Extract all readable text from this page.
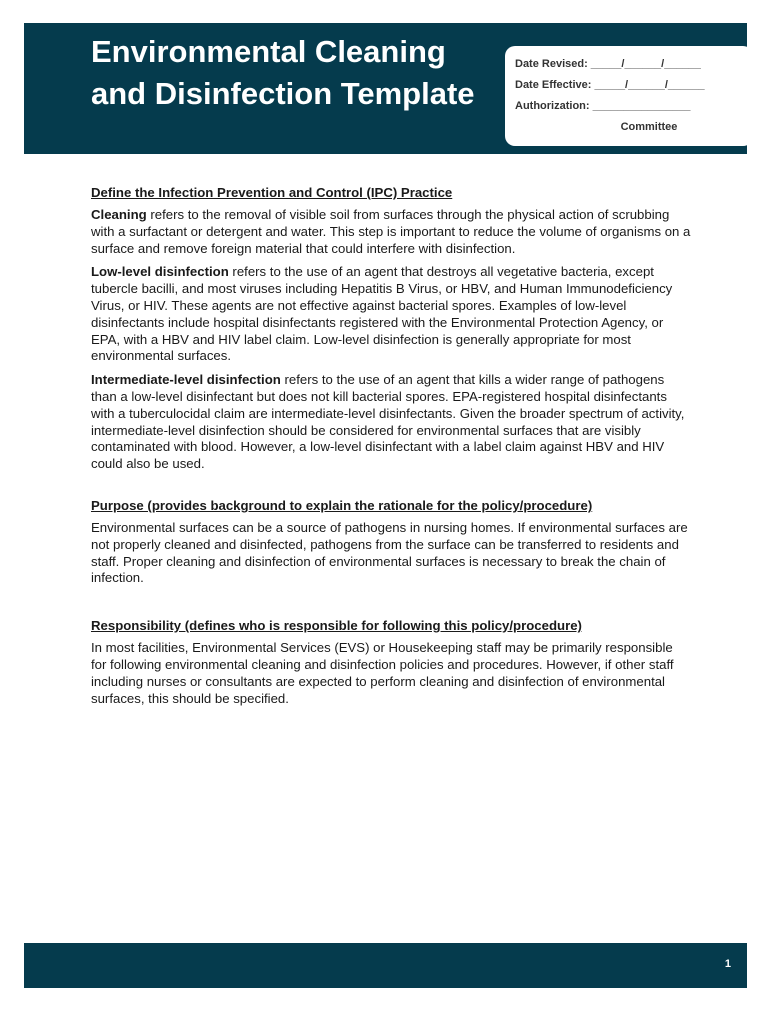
Environmental Cleaning and Disinfection Template
Date Revised: _____/______/______
Date Effective: _____/______/______
Authorization: ________________
Committee

Define the Infection Prevention and Control (IPC) Practice

Cleaning refers to the removal of visible soil from surfaces through the physical action of scrubbing with a surfactant or detergent and water. This step is important to reduce the volume of organisms on a surface and remove foreign material that could interfere with disinfection.

Low-level disinfection refers to the use of an agent that destroys all vegetative bacteria, except tubercle bacilli, and most viruses including Hepatitis B Virus, or HBV, and Human Immunodeficiency Virus, or HIV. These agents are not effective against bacterial spores. Examples of low-level disinfectants include hospital disinfectants registered with the Environmental Protection Agency, or EPA, with a HBV and HIV label claim. Low-level disinfection is generally appropriate for most environmental surfaces.

Intermediate-level disinfection refers to the use of an agent that kills a wider range of pathogens than a low-level disinfectant but does not kill bacterial spores. EPA-registered hospital disinfectants with a tuberculocidal claim are intermediate-level disinfectants. Given the broader spectrum of activity, intermediate-level disinfection should be considered for environmental surfaces that are visibly contaminated with blood. However, a low-level disinfectant with a label claim against HBV and HIV could also be used.

Purpose (provides background to explain the rationale for the policy/procedure)

Environmental surfaces can be a source of pathogens in nursing homes. If environmental surfaces are not properly cleaned and disinfected, pathogens from the surface can be transferred to residents and staff. Proper cleaning and disinfection of environmental surfaces is necessary to break the chain of infection.

Responsibility (defines who is responsible for following this policy/procedure)

In most facilities, Environmental Services (EVS) or Housekeeping staff may be primarily responsible for following environmental cleaning and disinfection policies and procedures. However, if other staff including nurses or consultants are expected to perform cleaning and disinfection of environmental surfaces, this should be specified.

1
